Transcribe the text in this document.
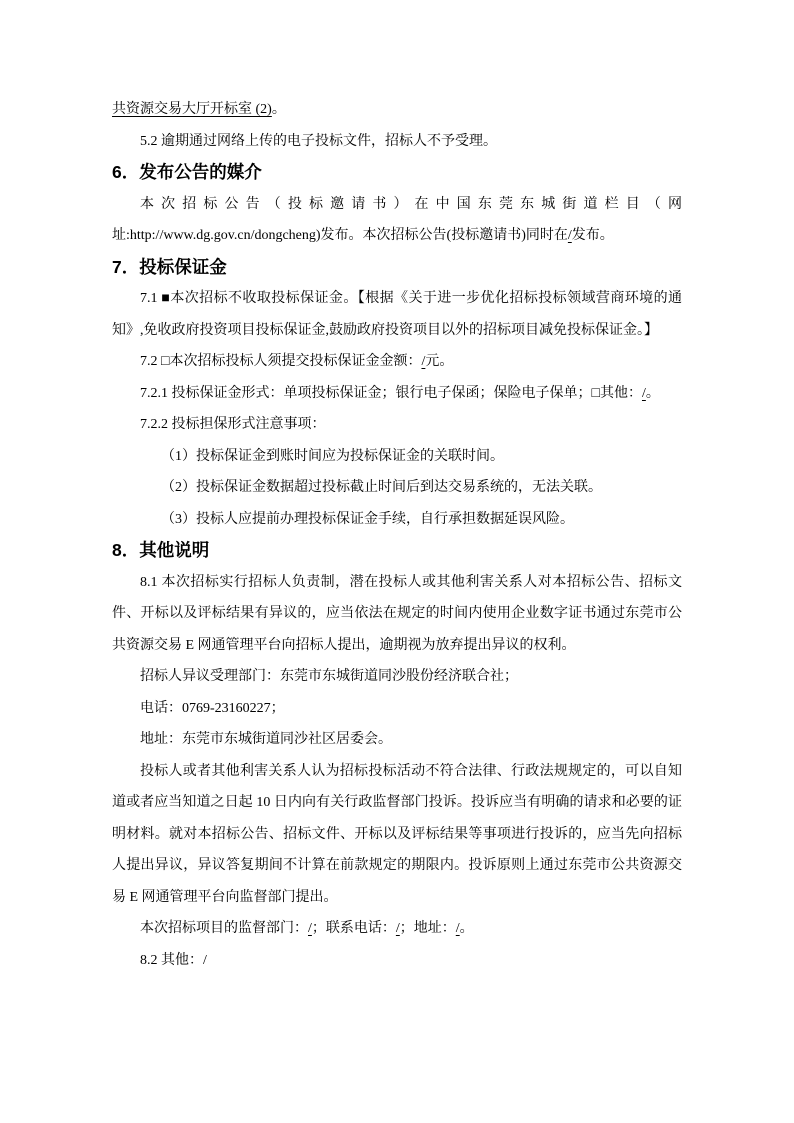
共资源交易大厅开标室 (2)。

5.2 逾期通过网络上传的电子投标文件，招标人不予受理。

6．发布公告的媒介

本次招标公告（投标邀请书）在中国东莞东城街道栏目（网址:http://www.dg.gov.cn/dongcheng)发布。本次招标公告(投标邀请书)同时在/发布。

7．投标保证金

7.1 ■本次招标不收取投标保证金。【根据《关于进一步优化招标投标领域营商环境的通知》,免收政府投资项目投标保证金,鼓励政府投资项目以外的招标项目减免投标保证金。】

7.2 □本次招标投标人须提交投标保证金金额：/元。

7.2.1 投标保证金形式：单项投标保证金；银行电子保函；保险电子保单；□其他：/。

7.2.2 投标担保形式注意事项：

（1）投标保证金到账时间应为投标保证金的关联时间。

（2）投标保证金数据超过投标截止时间后到达交易系统的，无法关联。

（3）投标人应提前办理投标保证金手续，自行承担数据延误风险。

8．其他说明

8.1 本次招标实行招标人负责制，潜在投标人或其他利害关系人对本招标公告、招标文件、开标以及评标结果有异议的，应当依法在规定的时间内使用企业数字证书通过东莞市公共资源交易 E 网通管理平台向招标人提出，逾期视为放弃提出异议的权利。

招标人异议受理部门：东莞市东城街道同沙股份经济联合社；

电话：0769-23160227；

地址：东莞市东城街道同沙社区居委会。

投标人或者其他利害关系人认为招标投标活动不符合法律、行政法规规定的，可以自知道或者应当知道之日起 10 日内向有关行政监督部门投诉。投诉应当有明确的请求和必要的证明材料。就对本招标公告、招标文件、开标以及评标结果等事项进行投诉的，应当先向招标人提出异议，异议答复期间不计算在前款规定的期限内。投诉原则上通过东莞市公共资源交易 E 网通管理平台向监督部门提出。

本次招标项目的监督部门：/；联系电话：/；地址：/。

8.2 其他：/
